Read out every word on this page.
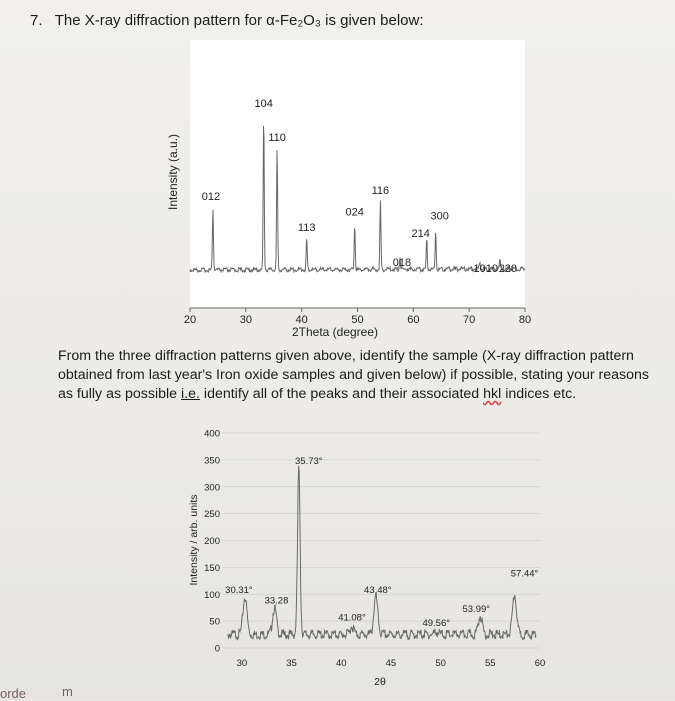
7. The X-ray diffraction pattern for α-Fe₂O₃ is given below:
Intensity (a.u.)
2Theta (degree)
20	30	40	50	60	70	80
012
104
110
113
024
116
018
214
300
1010 220
From the three diffraction patterns given above, identify the sample (X-ray diffraction pattern obtained from last year's Iron oxide samples and given below) if possible, stating your reasons as fully as possible i.e. identify all of the peaks and their associated hkl indices etc.
Intensity / arb. units
2θ
0
50
100
150
200
250
300
350
400
30	35	40	45	50	55	60
30.31°
33.28
35.73°
41.08°
43.48°
49.56°
53.99°
57.44°
orde	m
